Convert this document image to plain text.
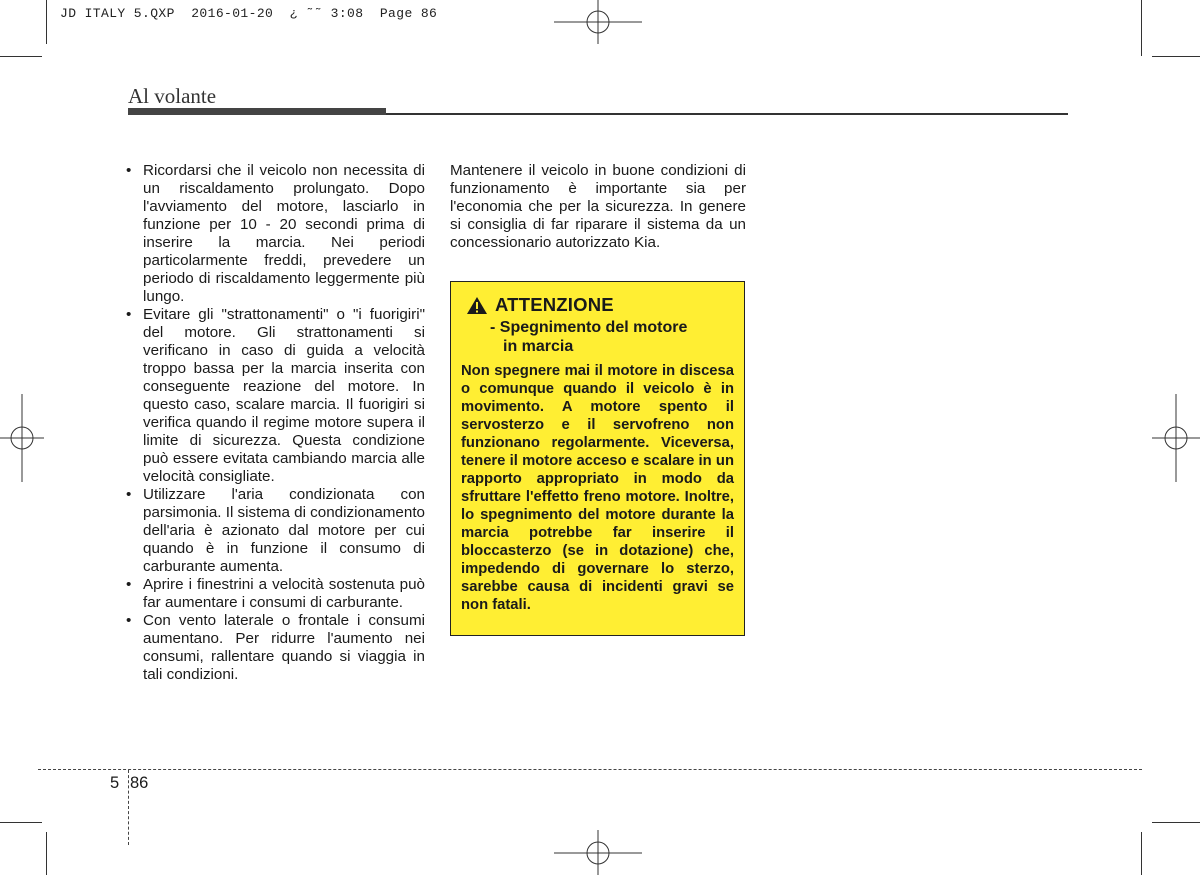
JD ITALY 5.QXP  2016-01-20  ¿ ˜˜ 3:08  Page 86
Al volante
• Ricordarsi che il veicolo non necessita di un riscaldamento prolungato. Dopo l'avviamento del motore, lasciarlo in funzione per 10 - 20 secondi prima di inserire la marcia. Nei periodi particolarmente freddi, prevedere un periodo di riscaldamento leggermente più lungo.
• Evitare gli "strattonamenti" o "i fuorigiri" del motore. Gli strattonamenti si verificano in caso di guida a velocità troppo bassa per la marcia inserita con conseguente reazione del motore. In questo caso, scalare marcia. Il fuorigiri si verifica quando il regime motore supera il limite di sicurezza. Questa condizione può essere evitata cambiando marcia alle velocità consigliate.
• Utilizzare l'aria condizionata con parsimonia. Il sistema di condizionamento dell'aria è azionato dal motore per cui quando è in funzione il consumo di carburante aumenta.
• Aprire i finestrini a velocità sostenuta può far aumentare i consumi di carburante.
• Con vento laterale o frontale i consumi aumentano. Per ridurre l'aumento nei consumi, rallentare quando si viaggia in tali condizioni.
Mantenere il veicolo in buone condizioni di funzionamento è importante sia per l'economia che per la sicurezza. In genere si consiglia di far riparare il sistema da un concessionario autorizzato Kia.
ATTENZIONE
- Spegnimento del motore
in marcia
Non spegnere mai il motore in discesa o comunque quando il veicolo è in movimento. A motore spento il servosterzo e il servofreno non funzionano regolarmente. Viceversa, tenere il motore acceso e scalare in un rapporto appropriato in modo da sfruttare l'effetto freno motore. Inoltre, lo spegnimento del motore durante la marcia potrebbe far inserire il bloccasterzo (se in dotazione) che, impedendo di governare lo sterzo, sarebbe causa di incidenti gravi se non fatali.
5 86
